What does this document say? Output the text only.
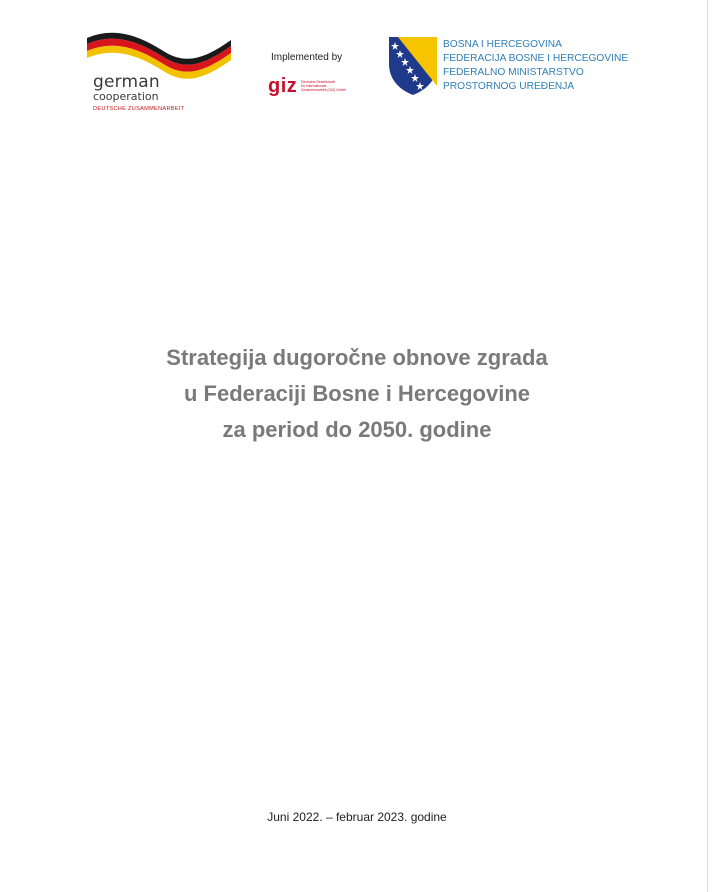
german
cooperation
DEUTSCHE ZUSAMMENARBEIT
Implemented by
giz Deutsche Gesellschaft
für Internationale
Zusammenarbeit (GIZ) GmbH
BOSNA I HERCEGOVINA
FEDERACIJA BOSNE I HERCEGOVINE
FEDERALNO MINISTARSTVO
PROSTORNOG UREĐENJA
Strategija dugoročne obnove zgrada
u Federaciji Bosne i Hercegovine
za period do 2050. godine
Juni 2022. – februar 2023. godine
